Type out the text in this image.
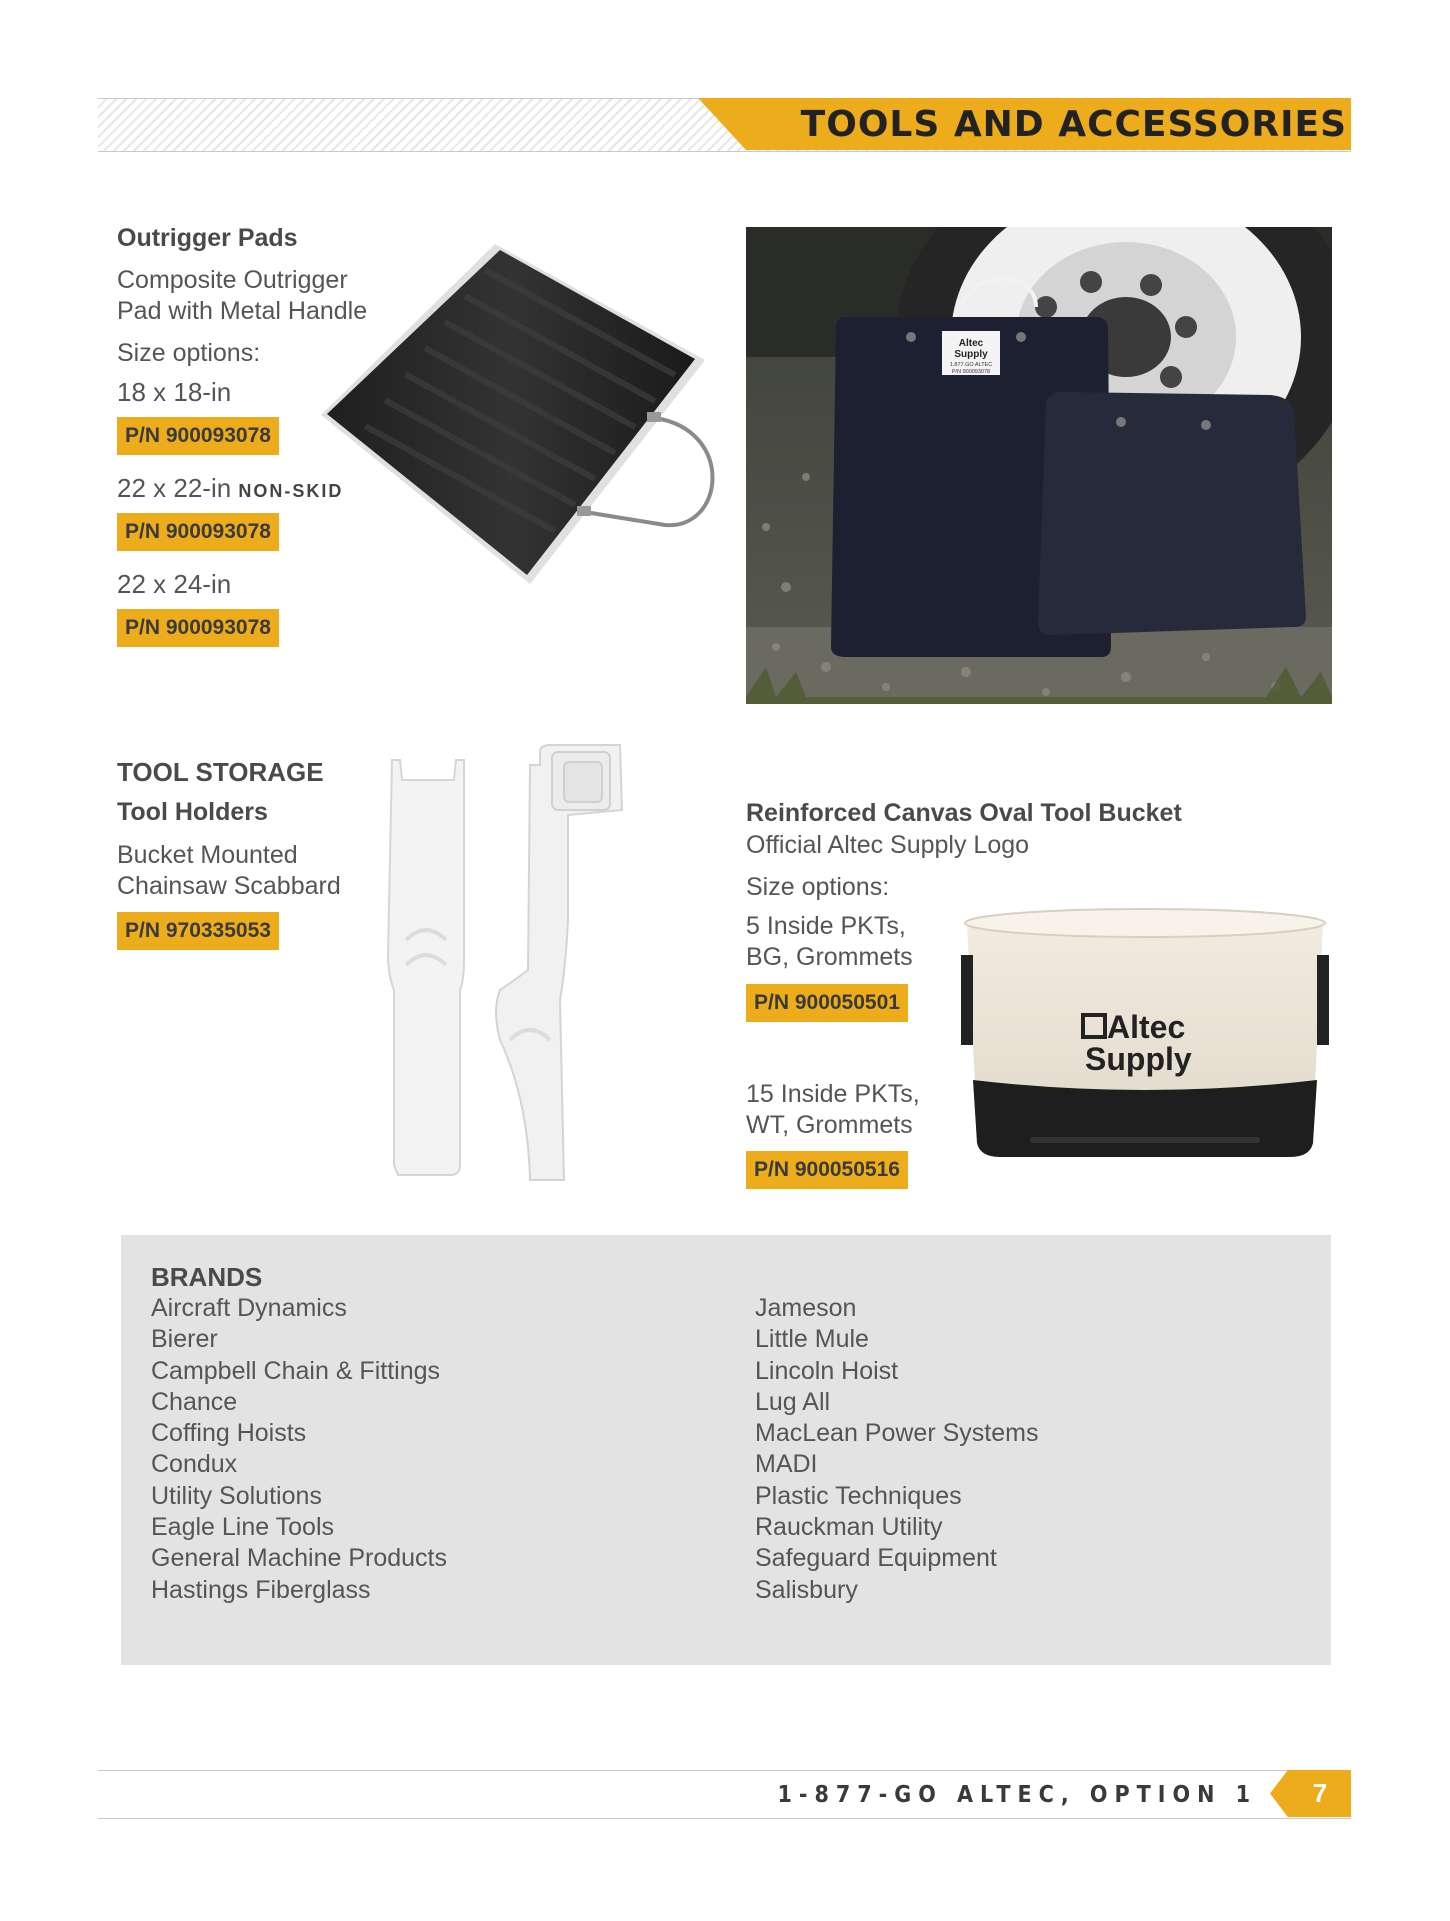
TOOLS AND ACCESSORIES
Outrigger Pads
Composite Outrigger
Pad with Metal Handle
Size options:
18 x 18-in
P/N 900093078
22 x 22-in NON-SKID
P/N 900093078
22 x 24-in
P/N 900093078
Altec
Supply
1.877.GO ALTEC
P/N 900093078
TOOL STORAGE
Tool Holders
Bucket Mounted
Chainsaw Scabbard
P/N 970335053
Reinforced Canvas Oval Tool Bucket
Official Altec Supply Logo
Size options:
5 Inside PKTs,
BG, Grommets
P/N 900050501
15 Inside PKTs,
WT, Grommets
P/N 900050516
Altec
Supply
BRANDS
Aircraft Dynamics
Bierer
Campbell Chain & Fittings
Chance
Coffing Hoists
Condux
Utility Solutions
Eagle Line Tools
General Machine Products
Hastings Fiberglass
Jameson
Little Mule
Lincoln Hoist
Lug All
MacLean Power Systems
MADI
Plastic Techniques
Rauckman Utility
Safeguard Equipment
Salisbury
1-877-GO ALTEC, OPTION 1	7
